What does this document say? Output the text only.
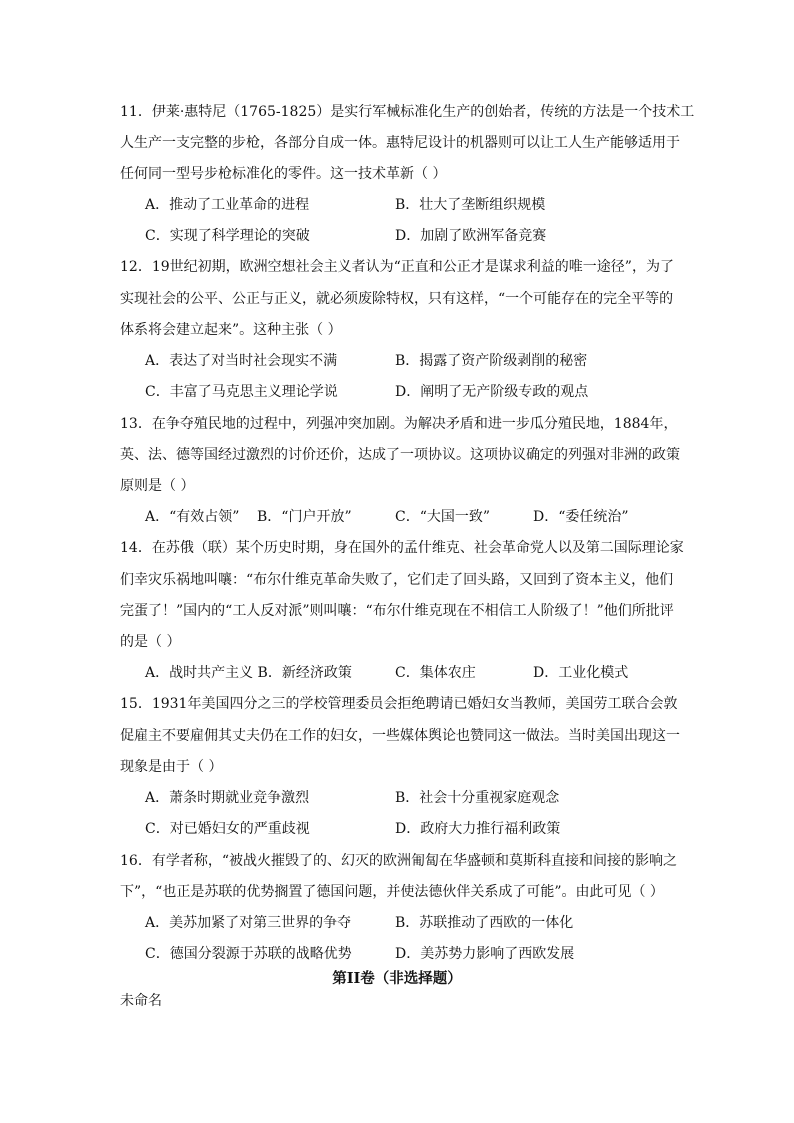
11．伊莱·惠特尼（1765-1825）是实行军械标准化生产的创始者，传统的方法是一个技术工
人生产一支完整的步枪，各部分自成一体。惠特尼设计的机器则可以让工人生产能够适用于
任何同一型号步枪标准化的零件。这一技术革新（ ）
A．推动了工业革命的进程	B．壮大了垄断组织规模
C．实现了科学理论的突破	D．加剧了欧洲军备竞赛
12．19世纪初期，欧洲空想社会主义者认为“正直和公正才是谋求利益的唯一途径”，为了
实现社会的公平、公正与正义，就必须废除特权，只有这样，“一个可能存在的完全平等的
体系将会建立起来”。这种主张（ ）
A．表达了对当时社会现实不满	B．揭露了资产阶级剥削的秘密
C．丰富了马克思主义理论学说	D．阐明了无产阶级专政的观点
13．在争夺殖民地的过程中，列强冲突加剧。为解决矛盾和进一步瓜分殖民地，1884年，
英、法、德等国经过激烈的讨价还价，达成了一项协议。这项协议确定的列强对非洲的政策
原则是（ ）
A．“有效占领” B．“门户开放”	C．“大国一致”	D．“委任统治”
14．在苏俄（联）某个历史时期，身在国外的孟什维克、社会革命党人以及第二国际理论家
们幸灾乐祸地叫嚷：“布尔什维克革命失败了，它们走了回头路，又回到了资本主义，他们
完蛋了！”国内的“工人反对派”则叫嚷：“布尔什维克现在不相信工人阶级了！”他们所批评
的是（ ）
A．战时共产主义 B．新经济政策	C．集体农庄	D．工业化模式
15．1931年美国四分之三的学校管理委员会拒绝聘请已婚妇女当教师，美国劳工联合会敦
促雇主不要雇佣其丈夫仍在工作的妇女，一些媒体舆论也赞同这一做法。当时美国出现这一
现象是由于（ ）
A．萧条时期就业竞争激烈	B．社会十分重视家庭观念
C．对已婚妇女的严重歧视	D．政府大力推行福利政策
16．有学者称，“被战火摧毁了的、幻灭的欧洲匍匐在华盛顿和莫斯科直接和间接的影响之
下”，“也正是苏联的优势搁置了德国问题，并使法德伙伴关系成了可能”。由此可见（ ）
A．美苏加紧了对第三世界的争夺	B．苏联推动了西欧的一体化
C．德国分裂源于苏联的战略优势	D．美苏势力影响了西欧发展
第II卷（非选择题）
未命名
